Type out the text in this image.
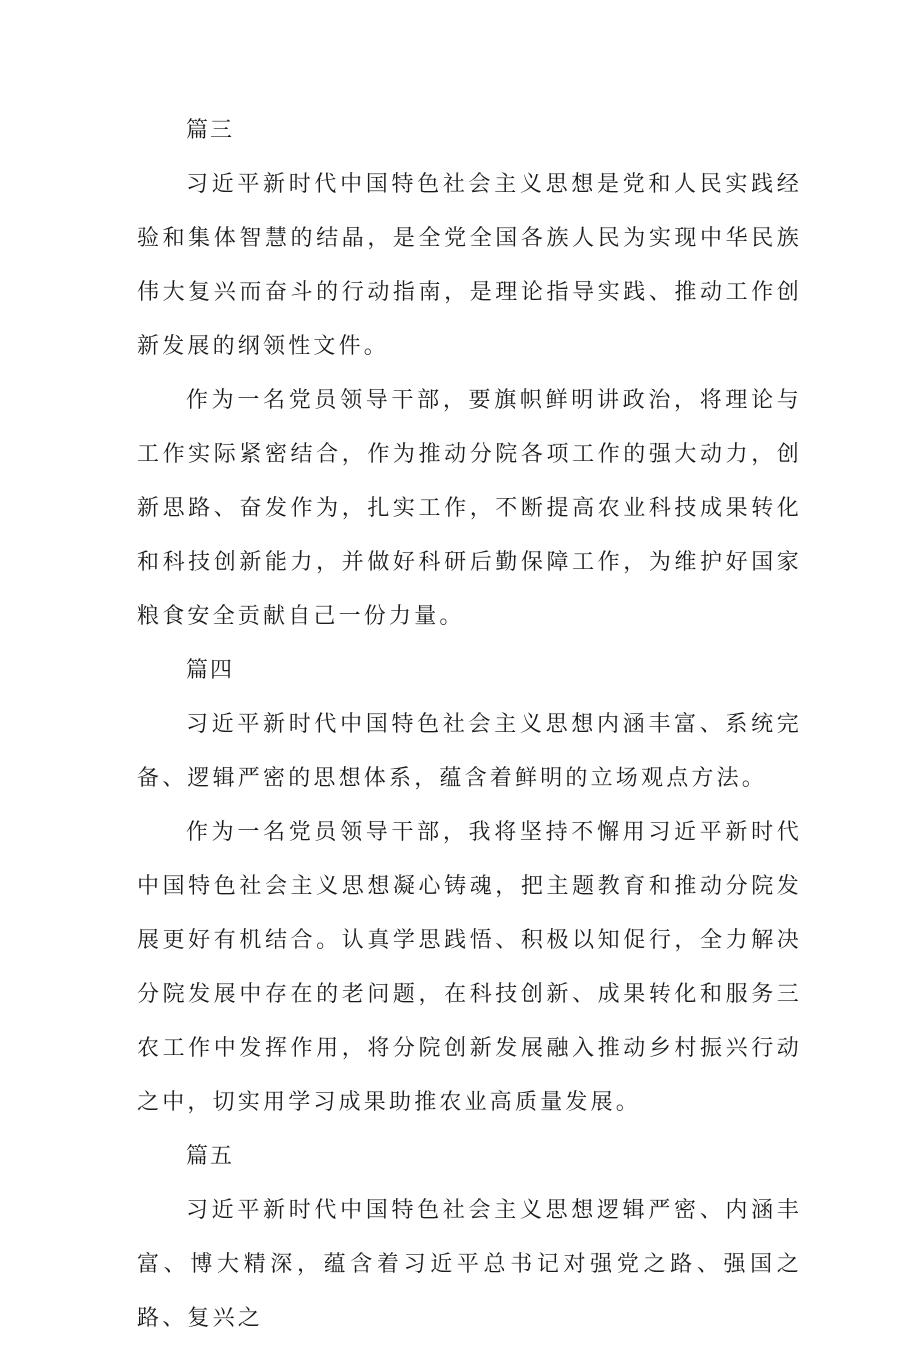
篇三

习近平新时代中国特色社会主义思想是党和人民实践经验和集体智慧的结晶，是全党全国各族人民为实现中华民族伟大复兴而奋斗的行动指南，是理论指导实践、推动工作创新发展的纲领性文件。

作为一名党员领导干部，要旗帜鲜明讲政治，将理论与工作实际紧密结合，作为推动分院各项工作的强大动力，创新思路、奋发作为，扎实工作，不断提高农业科技成果转化和科技创新能力，并做好科研后勤保障工作，为维护好国家粮食安全贡献自己一份力量。

篇四

习近平新时代中国特色社会主义思想内涵丰富、系统完备、逻辑严密的思想体系，蕴含着鲜明的立场观点方法。

作为一名党员领导干部，我将坚持不懈用习近平新时代中国特色社会主义思想凝心铸魂，把主题教育和推动分院发展更好有机结合。认真学思践悟、积极以知促行，全力解决分院发展中存在的老问题，在科技创新、成果转化和服务三农工作中发挥作用，将分院创新发展融入推动乡村振兴行动之中，切实用学习成果助推农业高质量发展。

篇五

习近平新时代中国特色社会主义思想逻辑严密、内涵丰富、博大精深，蕴含着习近平总书记对强党之路、强国之路、复兴之
